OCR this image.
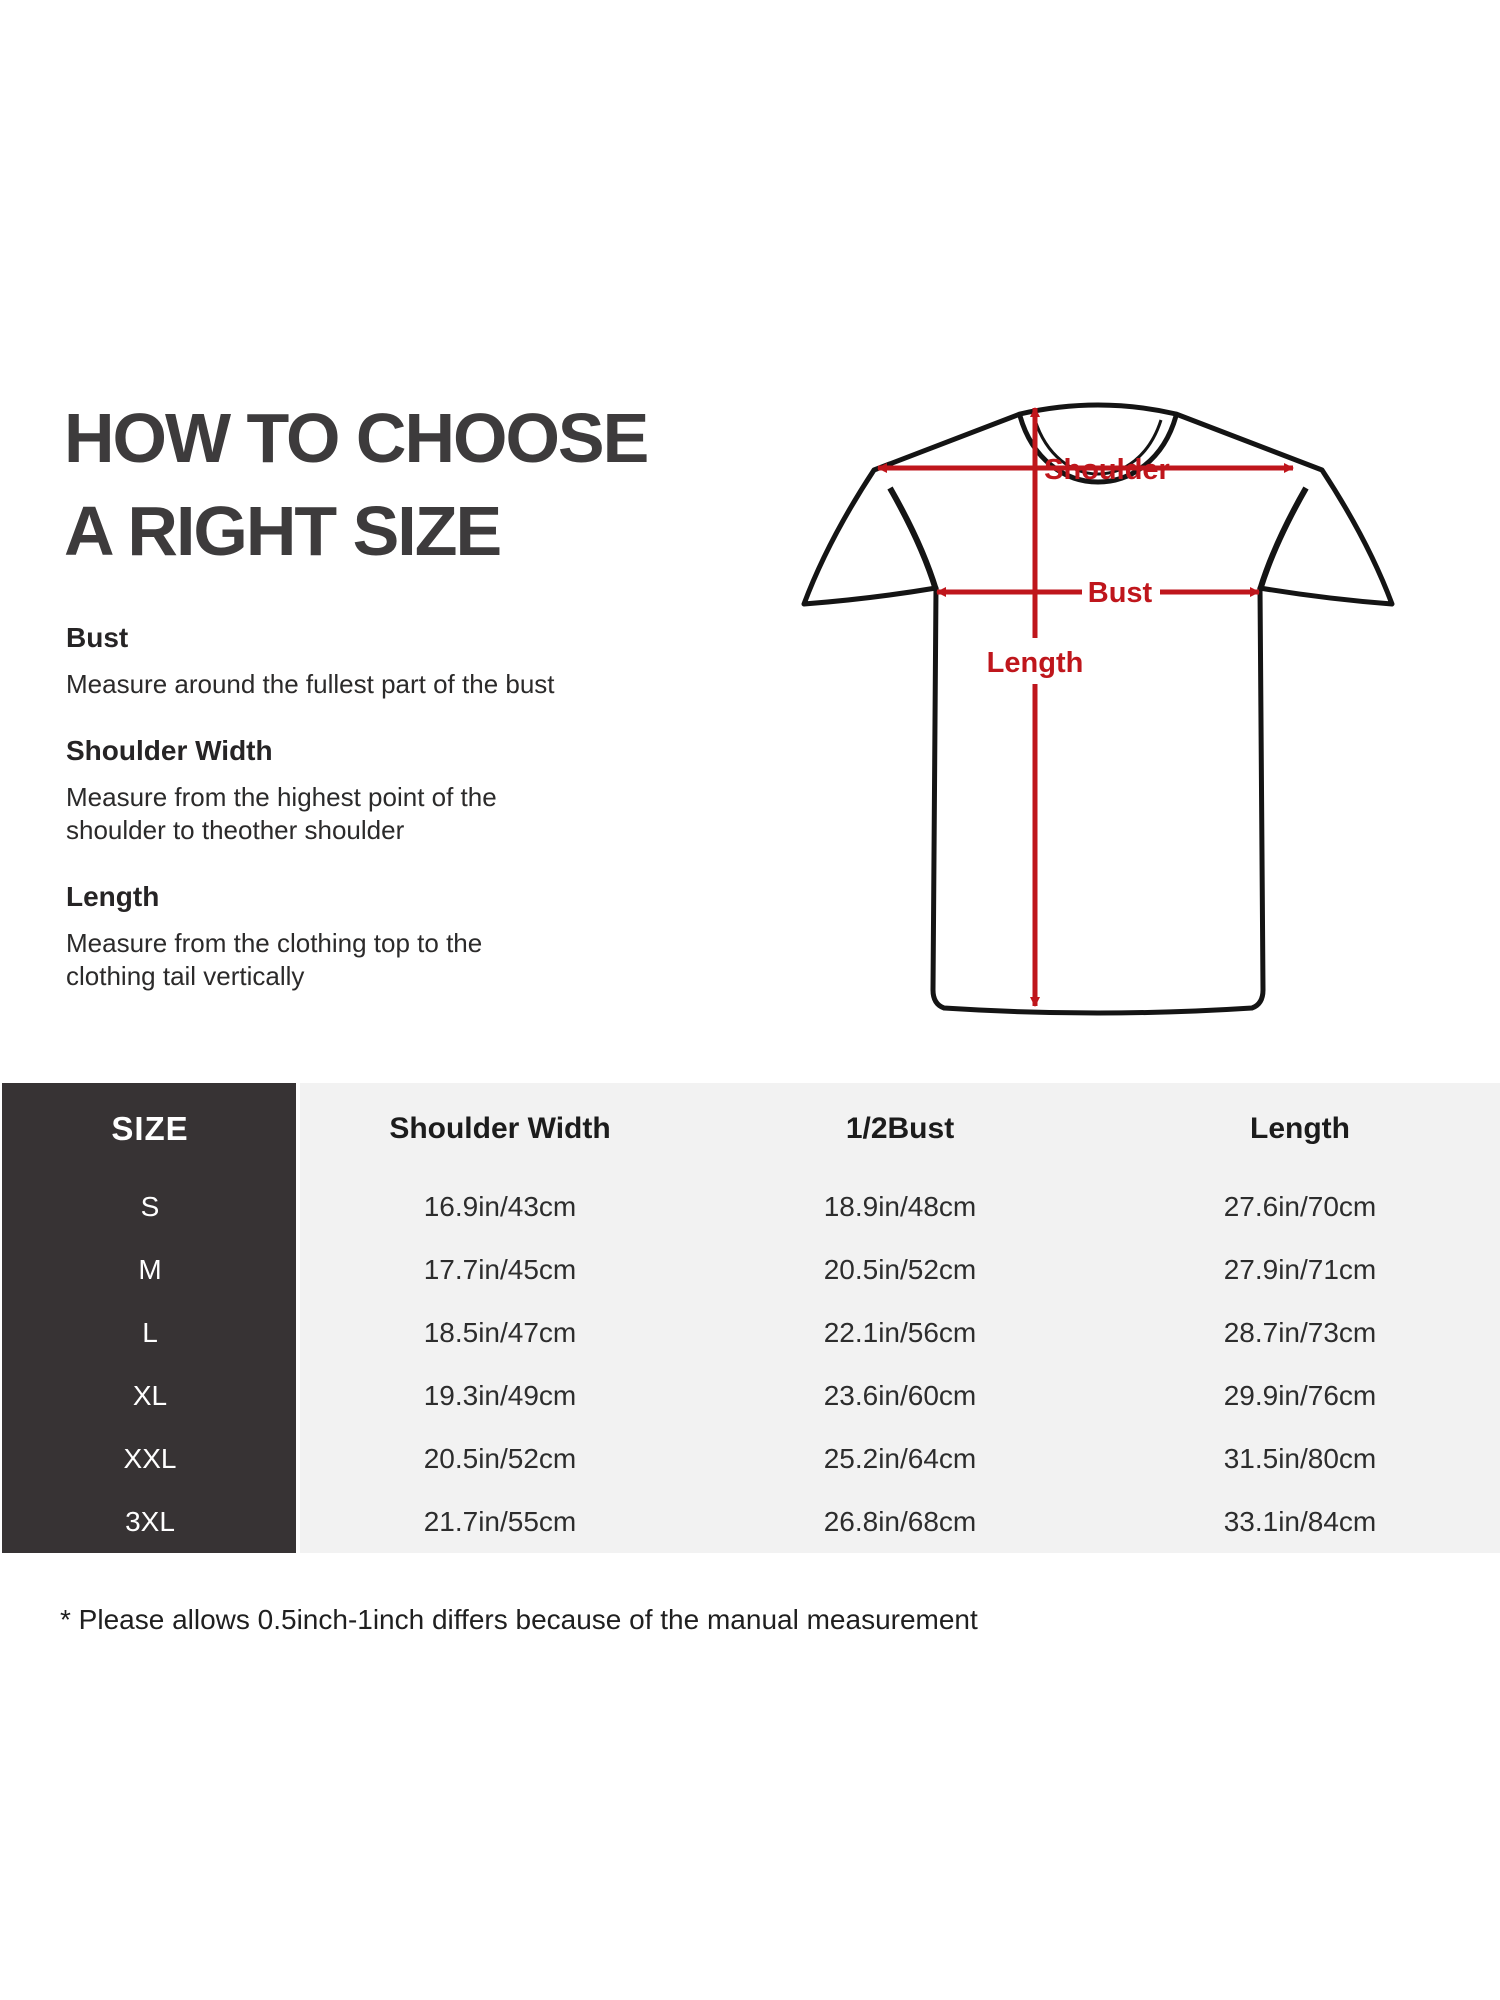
HOW TO CHOOSE
A RIGHT SIZE

Bust

Measure around the fullest part of the bust

Shoulder Width

Measure from the highest point of the

shoulder to theother shoulder

Length

Measure from the clothing top to the

clothing tail vertically

Shoulder
Bust
Length
SIZE	Shoulder Width	1/2Bust	Length
S	16.9in/43cm	18.9in/48cm	27.6in/70cm
M	17.7in/45cm	20.5in/52cm	27.9in/71cm
L	18.5in/47cm	22.1in/56cm	28.7in/73cm
XL	19.3in/49cm	23.6in/60cm	29.9in/76cm
XXL	20.5in/52cm	25.2in/64cm	31.5in/80cm
3XL	21.7in/55cm	26.8in/68cm	33.1in/84cm
* Please allows 0.5inch-1inch differs because of the manual measurement
